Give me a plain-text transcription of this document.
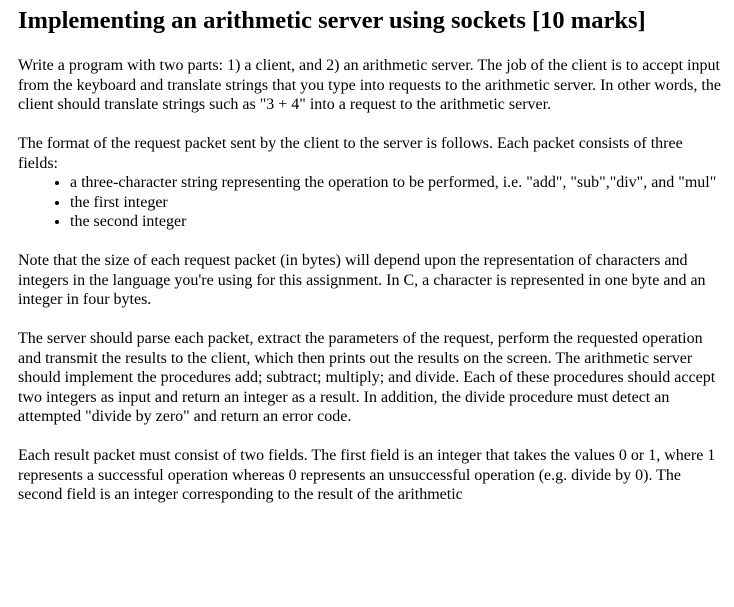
Implementing an arithmetic server using sockets [10 marks]

Write a program with two parts: 1) a client, and 2) an arithmetic server. The job of the client is to accept input from the keyboard and translate strings that you type into requests to the arithmetic server. In other words, the client should translate strings such as "3 + 4" into a request to the arithmetic server.

The format of the request packet sent by the client to the server is follows. Each packet consists of three fields:

• a three-character string representing the operation to be performed, i.e. "add", "sub","div", and "mul"
• the first integer
• the second integer

Note that the size of each request packet (in bytes) will depend upon the representation of characters and integers in the language you're using for this assignment. In C, a character is represented in one byte and an integer in four bytes.

The server should parse each packet, extract the parameters of the request, perform the requested operation and transmit the results to the client, which then prints out the results on the screen. The arithmetic server should implement the procedures add; subtract; multiply; and divide. Each of these procedures should accept two integers as input and return an integer as a result. In addition, the divide procedure must detect an attempted "divide by zero" and return an error code.

Each result packet must consist of two fields. The first field is an integer that takes the values 0 or 1, where 1 represents a successful operation whereas 0 represents an unsuccessful operation (e.g. divide by 0). The second field is an integer corresponding to the result of the arithmetic
